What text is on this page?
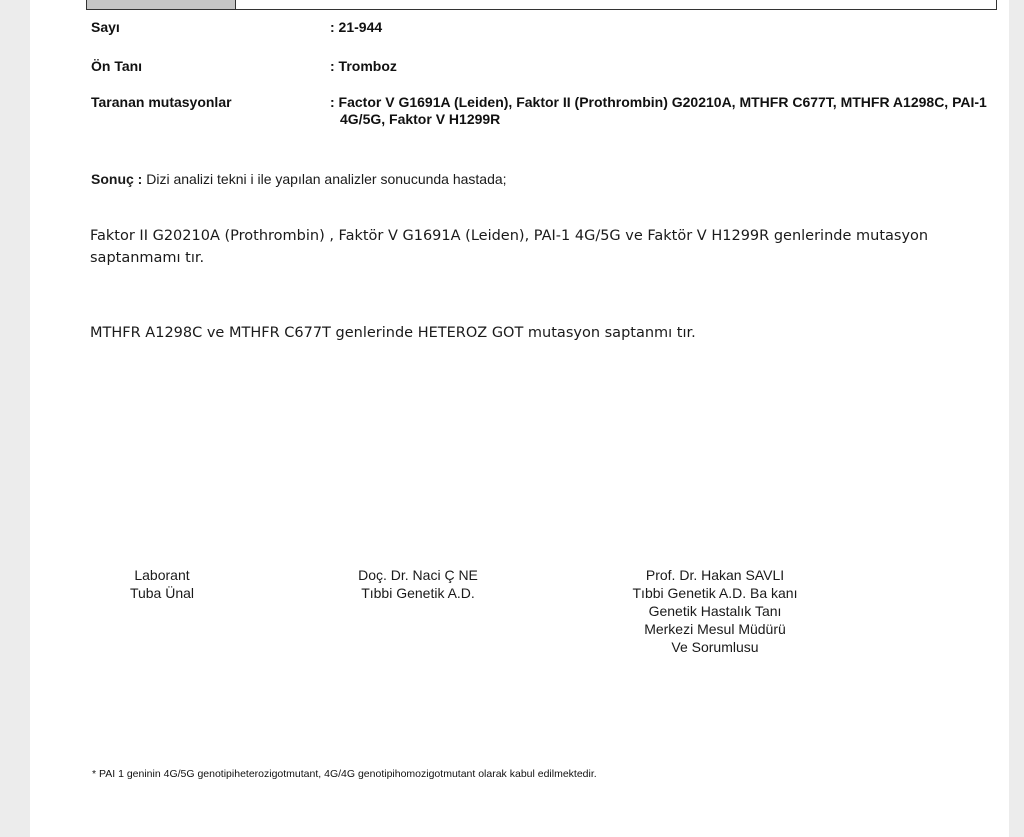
Sayı	: 21-944
Ön Tanı	: Tromboz
Taranan mutasyonlar	: Factor V G1691A (Leiden), Faktor II (Prothrombin) G20210A, MTHFR C677T, MTHFR A1298C, PAI-1 4G/5G, Faktor V H1299R
Sonuç : Dizi analizi tekni i ile yapılan analizler sonucunda hastada;
Faktor II G20210A (Prothrombin) , Faktör V G1691A (Leiden), PAI-1 4G/5G ve Faktör V H1299R genlerinde mutasyon saptanmamı tır.
MTHFR A1298C ve MTHFR C677T genlerinde HETEROZ GOT mutasyon saptanmı tır.
Laborant
Tuba Ünal
Doç. Dr. Naci Ç NE
Tıbbi Genetik A.D.
Prof. Dr. Hakan SAVLI
Tıbbi Genetik A.D. Ba kanı
Genetik Hastalık Tanı
Merkezi Mesul Müdürü
Ve Sorumlusu
* PAI 1 geninin 4G/5G genotipiheterozigotmutant, 4G/4G genotipihomozigotmutant olarak kabul edilmektedir.
